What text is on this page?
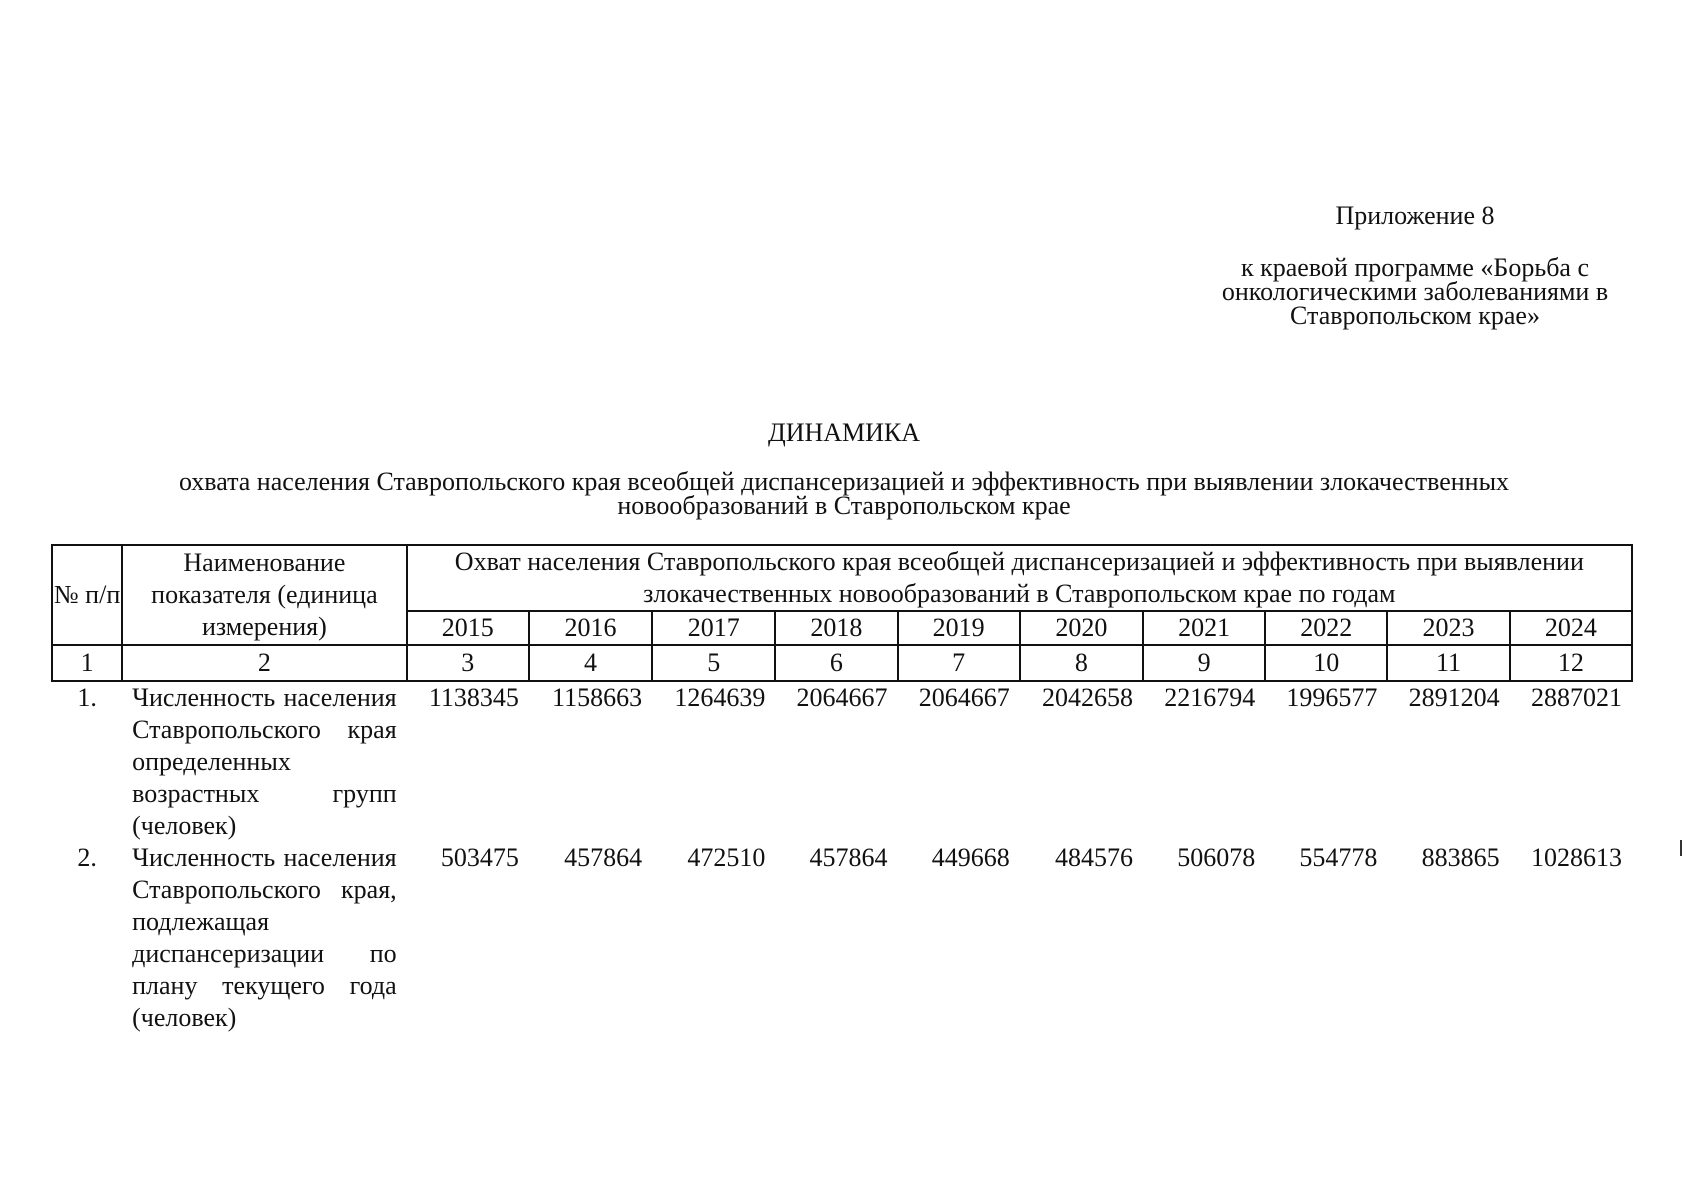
Приложение 8
к краевой программе «Борьба с онкологическими заболеваниями в Ставропольском крае»
ДИНАМИКА
охвата населения Ставропольского края всеобщей диспансеризацией и эффективность при выявлении злокачественных новообразований в Ставропольском крае
№ п/п	Наименование показателя (единица измерения)	Охват населения Ставропольского края всеобщей диспансеризацией и эффективность при выявлении злокачественных новообразований в Ставропольском крае по годам									
		2015	2016	2017	2018	2019	2020	2021	2022	2023	2024
1	2	3	4	5	6	7	8	9	10	11	12
1.	Численность населения Ставропольского края определенных возрастных групп (человек)	1138345	1158663	1264639	2064667	2064667	2042658	2216794	1996577	2891204	2887021
2.	Численность населения Ставропольского края, подлежащая диспансеризации по плану текущего года (человек)	503475	457864	472510	457864	449668	484576	506078	554778	883865	1028613
